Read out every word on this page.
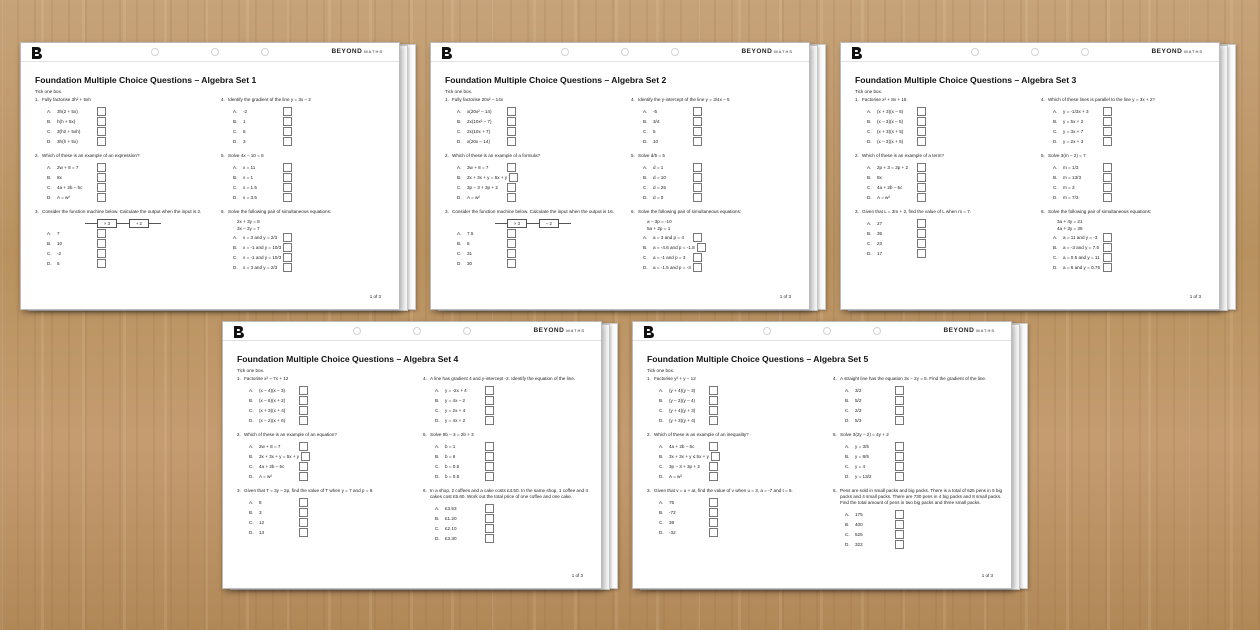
BEYOND MATHS
Foundation Multiple Choice Questions – Algebra Set 1
Tick one box.
1. Fully factorise 3h² + 5xh
A.	3h(2 + 5x)
B.	h(h + 5x)
C.	3(h2 + 5xh)
D.	3h(h + 5x)
2. Which of these is an example of an expression?
A.	2w + 8 = 7
B.	8x
C.	4a + 2b – 5c
D.	A = w²
3. Consider the function machine below. Calculate the output when the input is 2.
× 3	+ 2
A.	7
B.	10
C.	-2
D.	5
4. Identify the gradient of the line y = 3x – 2
A.	-2
B.	1
C.	5
D.	3
5. Solve 4x – 10 = 6
A.	x = 11
B.	x = 1
C.	x = 1.5
D.	x = 3.5
6. Solve the following pair of simultaneous equations:
2x + 3y = 8
3x – 2y = 7
A.	x = 3 and y = 2/3
B.	x = -1 and y = 10/3
C.	x = -1 and y = 10/3
D.	x = 3 and y = 2/3
1 of 3
BEYOND MATHS
Foundation Multiple Choice Questions – Algebra Set 2
Tick one box.
1. Fully factorise 20x² – 14x
A.	x(20x² – 14)
B.	2x(10x² – 7)
C.	2x(10x + 7)
D.	x(20x – 14)
2. Which of these is an example of a formula?
A.	3w + 8 = 7
B.	3x + 3x + y = 5x + y
C.	3p – 3 + 3p + 2
D.	A = w²
3. Consider the function machine below. Calculate the input when the output is 16.
× 3	– 2
A.	7.5
B.	5
C.	31
D.	30
4. Identify the y-intercept of the line y = 3/4x – 5
A.	-5
B.	3/4
C.	5
D.	10
5. Solve d/5 = 5
A.	d = 1
B.	d = 10
C.	d = 25
D.	d = 0
6. Solve the following pair of simultaneous equations:
a – 3p = -10
5a + 2p = 1
A.	a = 3 and p = 4
B.	a = -4.6 and p = -1.8
C.	a = -1 and p = 3
D.	a = -1.5 and p = -3
1 of 3
BEYOND MATHS
Foundation Multiple Choice Questions – Algebra Set 3
Tick one box.
1. Factorise x² + 8x + 15
A.	(x + 3)(x – 5)
B.	(x – 3)(x – 5)
C.	(x + 3)(x + 5)
D.	(x – 3)(x + 5)
2. Which of these is an example of a term?
A.	2p + 3 = 3p + 2
B.	8x
C.	4a + 2b – 5c
D.	A = w²
3. Given that L = 3m + 2, find the value of L when m = 7.
A.	27
B.	35
C.	23
D.	17
4. Which of these lines is parallel to the line y = 3x + 2?
A.	y = -1/3x + 3
B.	y = 5x + 2
C.	y = 3x + 7
D.	y = 2x + 3
5. Solve 3(m – 2) = 7
A.	m = 1/3
B.	m = 13/3
C.	m = 3
D.	m = 7/3
6. Solve the following pair of simultaneous equations:
3a + 4y = 21
4a + 3y = 35
A.	a = 11 and y = -3
B.	a = -3 and y = 7.5
C.	a = 0.5 and y = 11
D.	a = 6 and y = 0.75
1 of 3
BEYOND MATHS
Foundation Multiple Choice Questions – Algebra Set 4
Tick one box.
1. Factorise x² – 7x + 12
A.	(x – 4)(x – 3)
B.	(x – 6)(x + 2)
C.	(x + 3)(x + 4)
D.	(x – 2)(x + 6)
2. Which of these is an example of an equation?
A.	2w + 8 = 7
B.	3x + 3x + y = 5x + y
C.	4a + 2b – 5c
D.	A = w²
3. Given that T = 3y – 2p, find the value of T when y = 7 and p = 9.
A.	8
B.	3
C.	12
D.	13
4. A line has gradient 4 and y-intercept -2. Identify the equation of the line.
A.	y = -2x + 4
B.	y = 4x – 2
C.	y = 2x + 4
D.	y = 4x + 2
5. Solve 8b – 3 = 2b + 3
A.	b = 1
B.	b = 6
C.	b = 0.5
D.	b = 0.5
6. In a shop, 2 coffees and a cake costs £4.50. In the same shop, 1 coffee and 4 cakes cost £5.60. Work out the total price of one coffee and one cake.
A.	£3.53
B.	£1.20
C.	£2.10
D.	£3.30
1 of 3
BEYOND MATHS
Foundation Multiple Choice Questions – Algebra Set 5
Tick one box.
1. Factorise y² + y – 12
A.	(y + 4)(y – 3)
B.	(y – 3)(y – 4)
C.	(y + 4)(y + 3)
D.	(y + 3)(y + 4)
2. Which of these is an example of an inequality?
A.	4a + 2b – 5c
B.	3x + 3x + y ≤ 5x + y
C.	3p – 3 + 3p + 2
D.	A = w²
3. Given that v = u + at, find the value of v when u = 3, a = -7 and t = 5.
A.	75
B.	-72
C.	38
D.	-32
4. A straight line has the equation 3x – 2y = 5. Find the gradient of the line.
A.	3/2
B.	5/2
C.	2/3
D.	5/3
5. Solve 3(2y – 2) = 4y + 2
A.	y = 3/5
B.	y = 8/5
C.	y = 4
D.	y = 13/2
6. Pens are sold in small packs and big packs. There is a total of 625 pens in 5 big packs and 4 small packs. There are 730 pens in 4 big packs and 8 small packs. Find the total amount of pens in two big packs and three small packs.
A.	175
B.	400
C.	525
D.	322
1 of 3
